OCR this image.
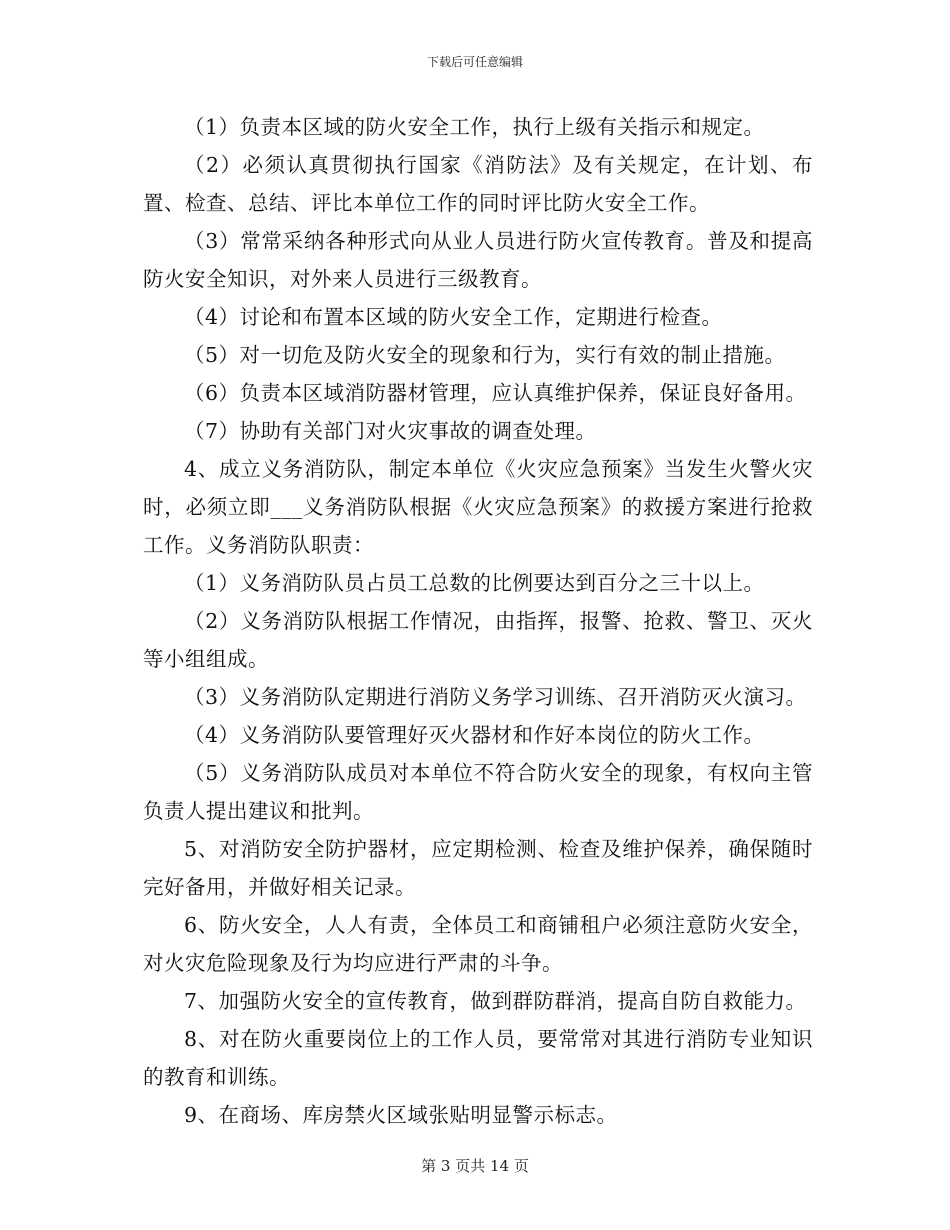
下载后可任意编辑

（1）负责本区域的防火安全工作，执行上级有关指示和规定。

（2）必须认真贯彻执行国家《消防法》及有关规定，在计划、布置、检查、总结、评比本单位工作的同时评比防火安全工作。

（3）常常采纳各种形式向从业人员进行防火宣传教育。普及和提高防火安全知识，对外来人员进行三级教育。

（4）讨论和布置本区域的防火安全工作，定期进行检查。

（5）对一切危及防火安全的现象和行为，实行有效的制止措施。

（6）负责本区域消防器材管理，应认真维护保养，保证良好备用。

（7）协助有关部门对火灾事故的调查处理。

4、成立义务消防队，制定本单位《火灾应急预案》当发生火警火灾时，必须立即___义务消防队根据《火灾应急预案》的救援方案进行抢救工作。义务消防队职责：

（1）义务消防队员占员工总数的比例要达到百分之三十以上。

（2）义务消防队根据工作情况，由指挥，报警、抢救、警卫、灭火等小组组成。

（3）义务消防队定期进行消防义务学习训练、召开消防灭火演习。

（4）义务消防队要管理好灭火器材和作好本岗位的防火工作。

（5）义务消防队成员对本单位不符合防火安全的现象，有权向主管负责人提出建议和批判。

5、对消防安全防护器材，应定期检测、检查及维护保养，确保随时完好备用，并做好相关记录。

6、防火安全，人人有责，全体员工和商铺租户必须注意防火安全，对火灾危险现象及行为均应进行严肃的斗争。

7、加强防火安全的宣传教育，做到群防群消，提高自防自救能力。

8、对在防火重要岗位上的工作人员，要常常对其进行消防专业知识的教育和训练。

9、在商场、库房禁火区域张贴明显警示标志。

第 3 页共 14 页
